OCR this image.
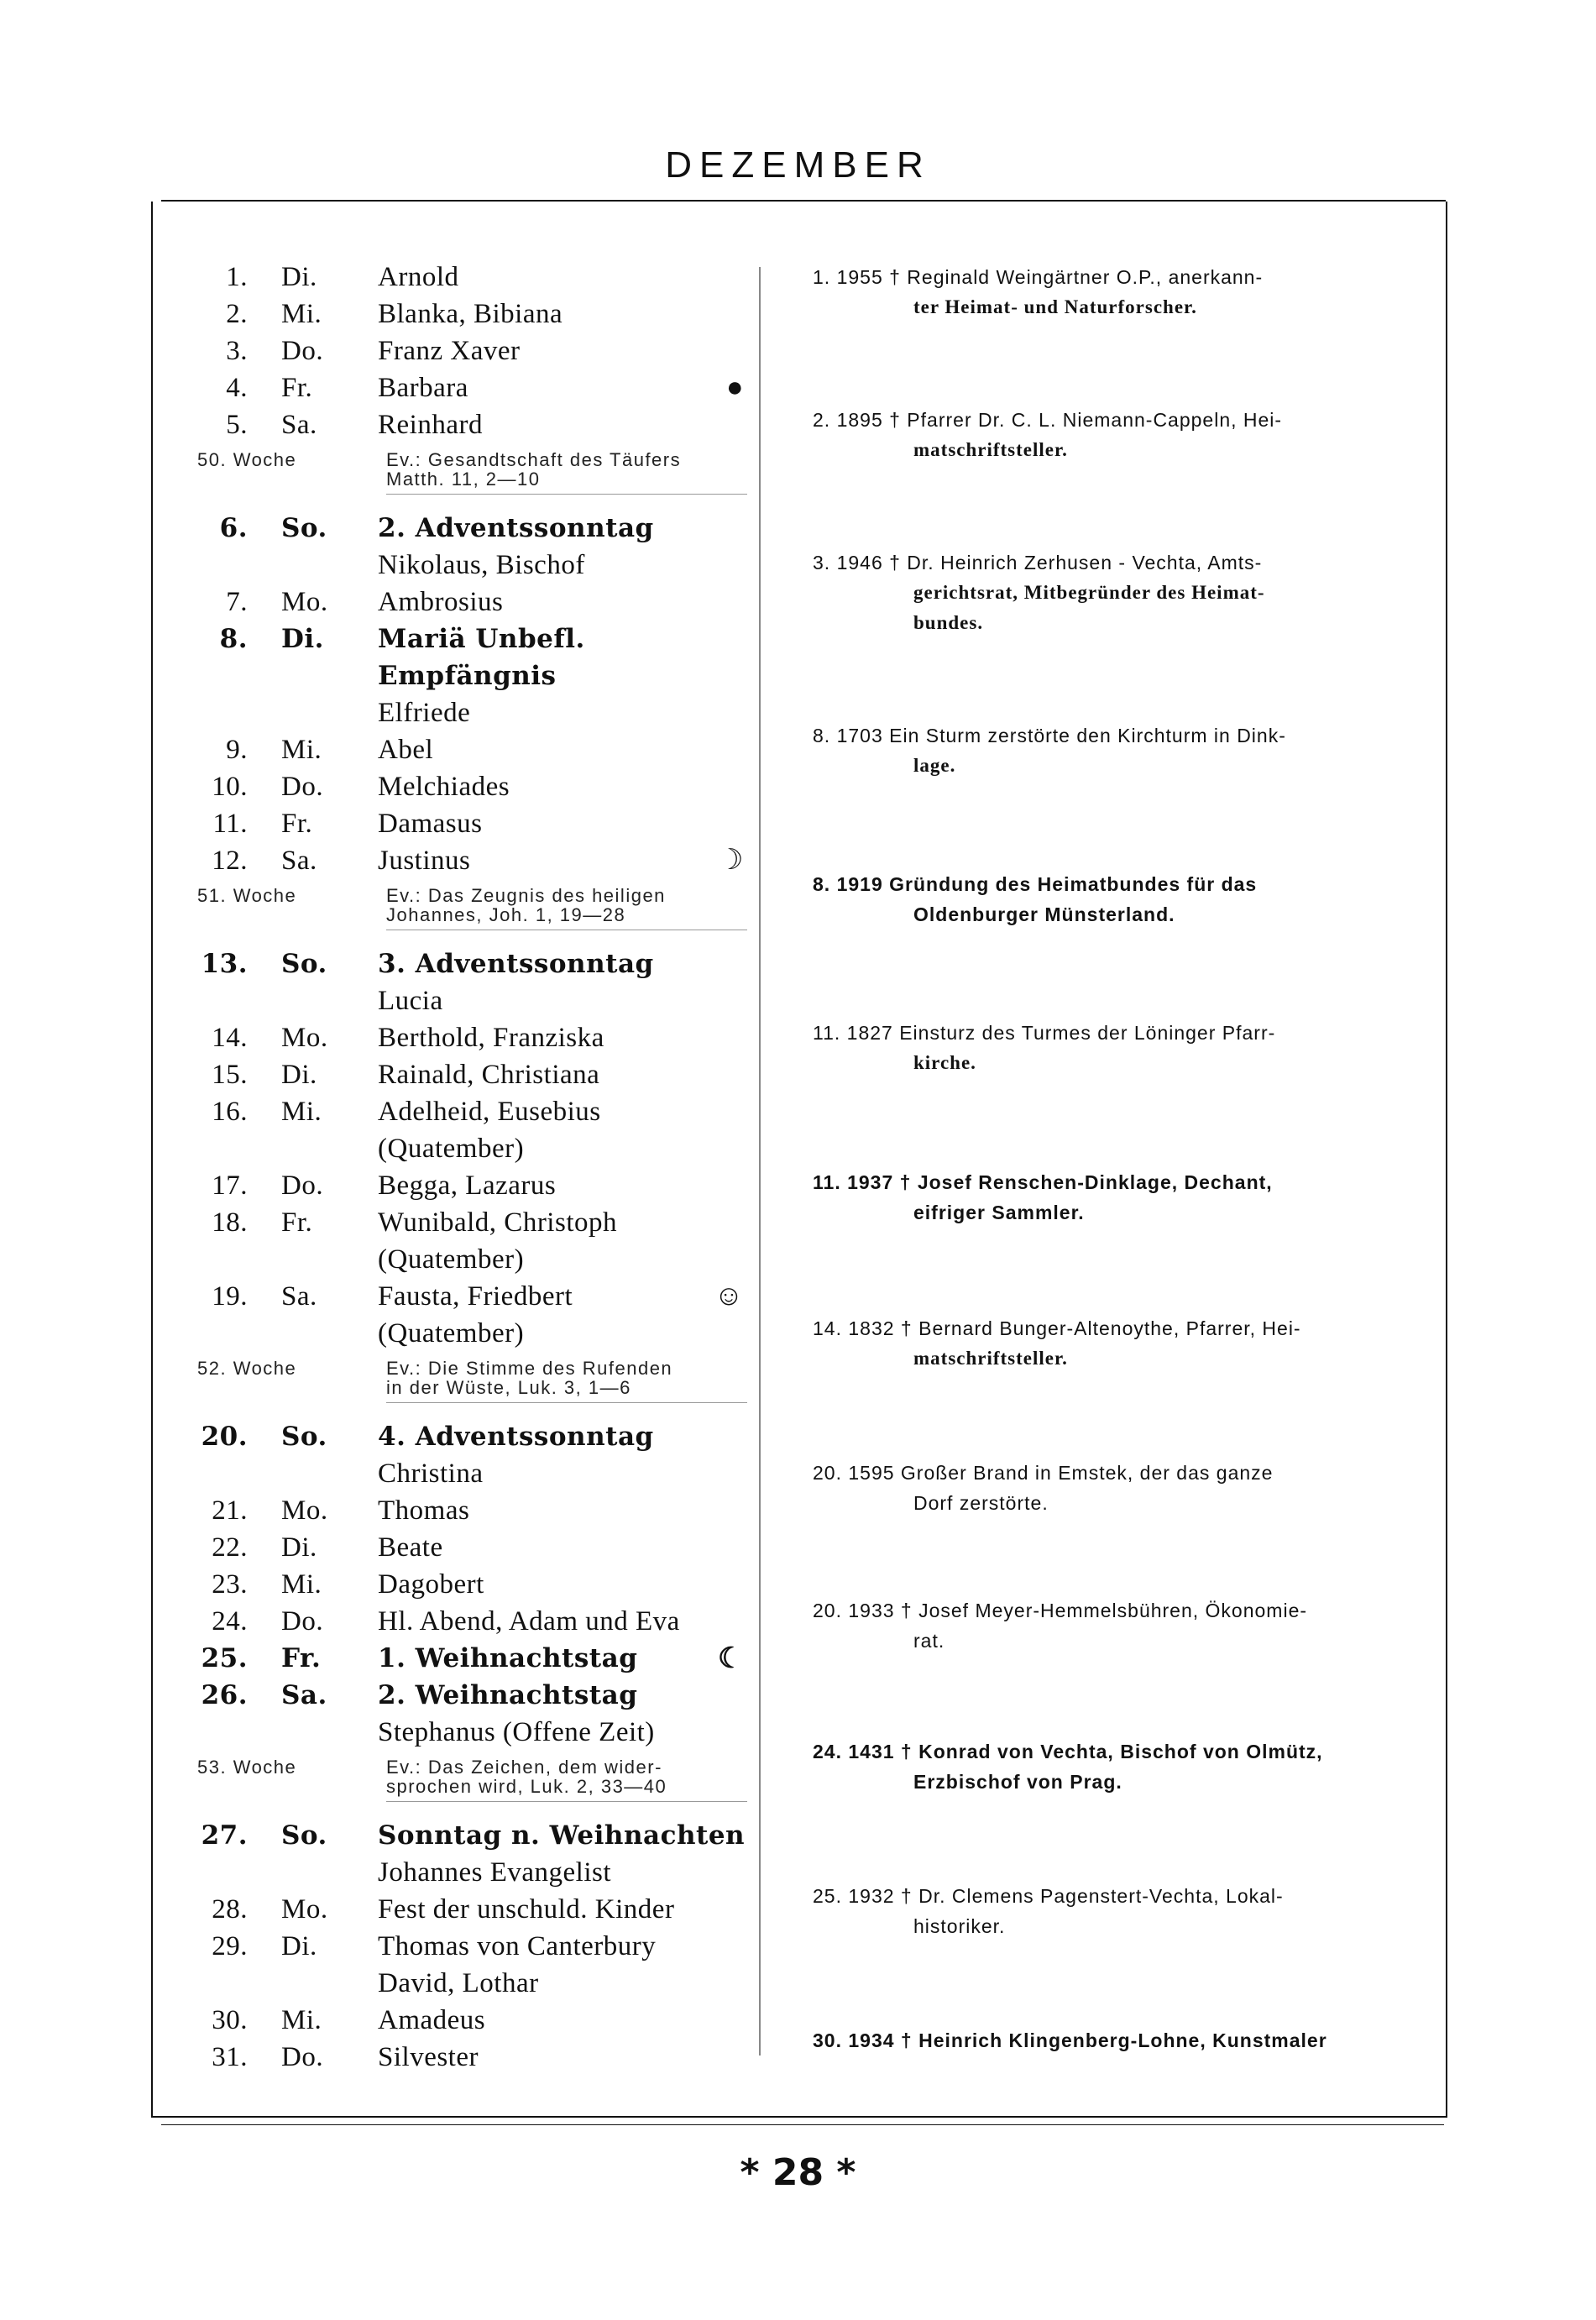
DEZEMBER
1.	Di.	Arnold
2.	Mi.	Blanka, Bibiana
3.	Do.	Franz Xaver
4.	Fr.	Barbara	●
5.	Sa.	Reinhard
50. Woche	Ev.: Gesandtschaft des Täufers
Matth. 11, 2—10
6.	So.	2. Adventssonntag
Nikolaus, Bischof
7.	Mo.	Ambrosius
8.	Di.	Mariä Unbefl. Empfängnis
Elfriede
9.	Mi.	Abel
10.	Do.	Melchiades
11.	Fr.	Damasus
12.	Sa.	Justinus	☽
51. Woche	Ev.: Das Zeugnis des heiligen
Johannes, Joh. 1, 19—28
13.	So.	3. Adventssonntag
Lucia
14.	Mo.	Berthold, Franziska
15.	Di.	Rainald, Christiana
16.	Mi.	Adelheid, Eusebius
(Quatember)
17.	Do.	Begga, Lazarus
18.	Fr.	Wunibald, Christoph
(Quatember)
19.	Sa.	Fausta, Friedbert	☺
(Quatember)
52. Woche	Ev.: Die Stimme des Rufenden
in der Wüste, Luk. 3, 1—6
20.	So.	4. Adventssonntag
Christina
21.	Mo.	Thomas
22.	Di.	Beate
23.	Mi.	Dagobert
24.	Do.	Hl. Abend, Adam und Eva
25.	Fr.	1. Weihnachtstag	☾
26.	Sa.	2. Weihnachtstag
Stephanus (Offene Zeit)
53. Woche	Ev.: Das Zeichen, dem wider-
sprochen wird, Luk. 2, 33—40
27.	So.	Sonntag n. Weihnachten
Johannes Evangelist
28.	Mo.	Fest der unschuld. Kinder
29.	Di.	Thomas von Canterbury
David, Lothar
30.	Mi.	Amadeus
31.	Do.	Silvester
1. 1955 † Reginald Weingärtner O.P., anerkann-
ter Heimat- und Naturforscher.
2. 1895 † Pfarrer Dr. C. L. Niemann-Cappeln, Hei-
matschriftsteller.
3. 1946 † Dr. Heinrich Zerhusen - Vechta, Amts-
gerichtsrat, Mitbegründer des Heimat-
bundes.
8. 1703 Ein Sturm zerstörte den Kirchturm in Dink-
lage.
8. 1919 Gründung des Heimatbundes für das
Oldenburger Münsterland.
11. 1827 Einsturz des Turmes der Löninger Pfarr-
kirche.
11. 1937 † Josef Renschen-Dinklage, Dechant,
eifriger Sammler.
14. 1832 † Bernard Bunger-Altenoythe, Pfarrer, Hei-
matschriftsteller.
20. 1595 Großer Brand in Emstek, der das ganze
Dorf zerstörte.
20. 1933 † Josef Meyer-Hemmelsbühren, Ökonomie-
rat.
24. 1431 † Konrad von Vechta, Bischof von Olmütz,
Erzbischof von Prag.
25. 1932 † Dr. Clemens Pagenstert-Vechta, Lokal-
historiker.
30. 1934 † Heinrich Klingenberg-Lohne, Kunstmaler
* 28 *
